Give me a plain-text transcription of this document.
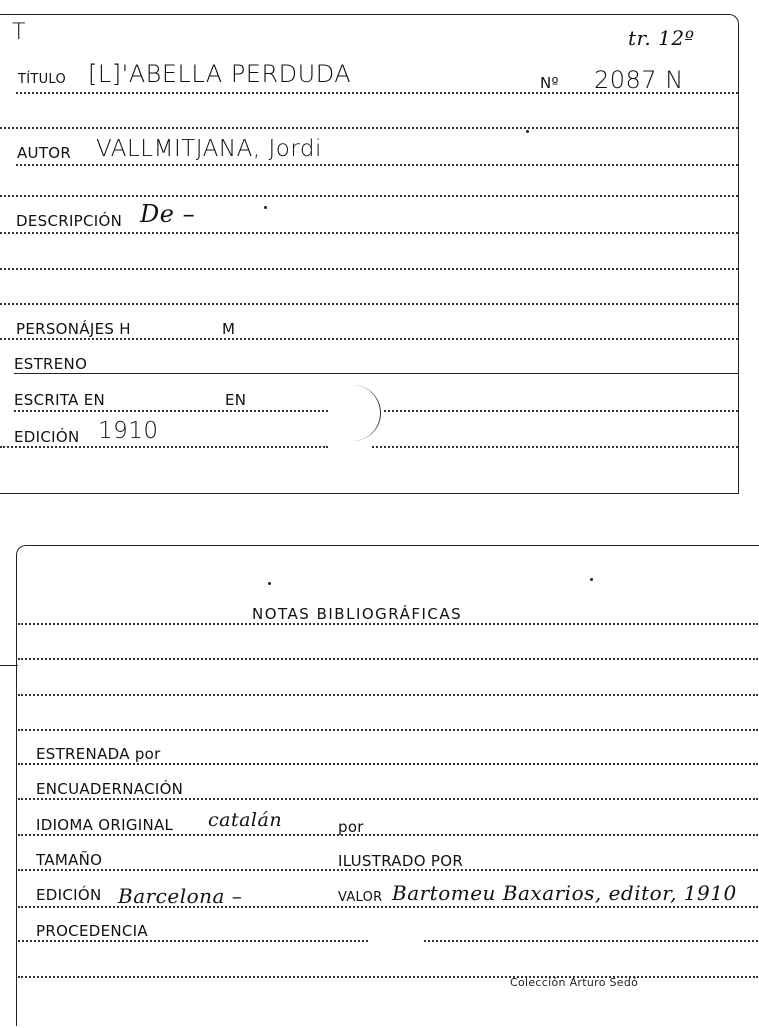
T	tr. 12º
TÍTULO [L]'ABELLA PERDUDA	Nº 2087 N
AUTOR VALLMITJANA, Jordi
DESCRIPCIÓN De –
PERSONÁJES H	M
ESTRENO
ESCRITA EN	EN
EDICIÓN 1910
NOTAS BIBLIOGRÁFICAS
ESTRENADA por
ENCUADERNACIÓN
IDIOMA ORIGINAL catalán	por
TAMAÑO	ILUSTRADO POR
EDICIÓN Barcelona –	VALOR Bartomeu Baxarios, editor, 1910
PROCEDENCIA
Colección Arturo Sedó
